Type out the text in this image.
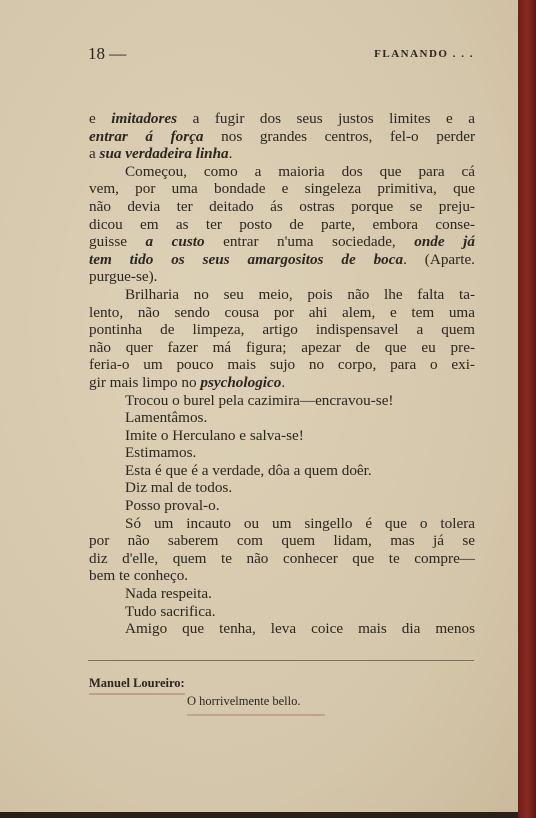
18 —	FLANANDO . . .
e imitadores a fugir dos seus justos limites e a
entrar á força nos grandes centros, fel-o perder
a sua verdadeira linha.
Começou, como a maioria dos que para cá
vem, por uma bondade e singeleza primitiva, que
não devia ter deitado ás ostras porque se preju-
dicou em as ter posto de parte, embora conse-
guisse a custo entrar n'uma sociedade, onde já
tem tido os seus amargositos de boca. (Aparte.
purgue-se).
Brilharia no seu meio, pois não lhe falta ta-
lento, não sendo cousa por ahi alem, e tem uma
pontinha de limpeza, artigo indispensavel a quem
não quer fazer má figura; apezar de que eu pre-
feria-o um pouco mais sujo no corpo, para o exi-
gir mais limpo no psychologico.
Trocou o burel pela cazimira—encravou-se!
Lamentâmos.
Imite o Herculano e salva-se!
Estimamos.
Esta é que é a verdade, dôa a quem doêr.
Diz mal de todos.
Posso proval-o.
Só um incauto ou um singello é que o tolera
por não saberem com quem lidam, mas já se
diz d'elle, quem te não conhecer que te compre—
bem te conheço.
Nada respeita.
Tudo sacrifica.
Amigo que tenha, leva coice mais dia menos
Manuel Loureiro:
O horrivelmente bello.
